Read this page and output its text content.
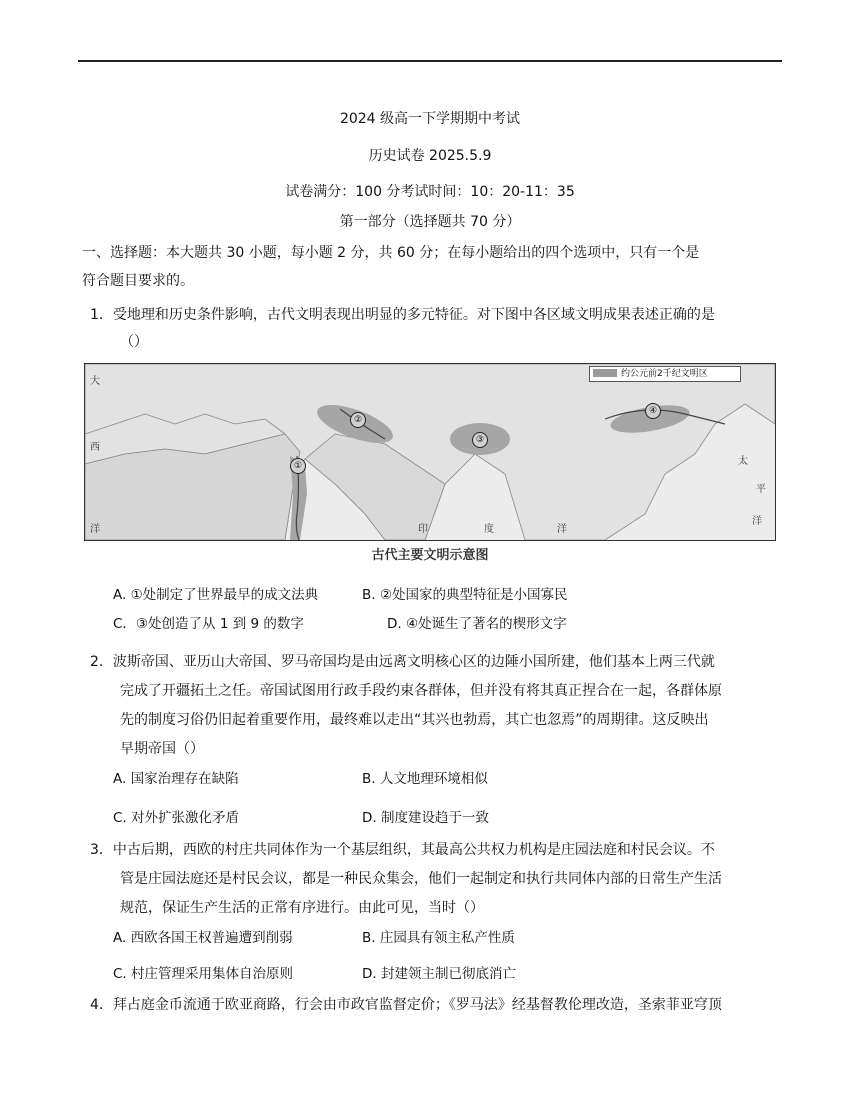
2024 级高一下学期期中考试
历史试卷 2025.5.9
试卷满分：100 分考试时间：10：20-11：35
第一部分（选择题共 70 分）
一、选择题：本大题共 30 小题，每小题 2 分，共 60 分；在每小题给出的四个选项中，只有一个是
符合题目要求的。
1．受地理和历史条件影响，古代文明表现出明显的多元特征。对下图中各区域文明成果表述正确的是
（）
约公元前2千纪文明区
大
西
洋	印	度	洋
太
平
洋
①
②
③
④
古代主要文明示意图
A. ①处制定了世界最早的成文法典	B. ②处国家的典型特征是小国寡民
C．③处创造了从 1 到 9 的数字	D. ④处诞生了著名的楔形文字
2．波斯帝国、亚历山大帝国、罗马帝国均是由远离文明核心区的边陲小国所建，他们基本上两三代就
完成了开疆拓土之任。帝国试图用行政手段约束各群体，但并没有将其真正捏合在一起，各群体原
先的制度习俗仍旧起着重要作用，最终难以走出“其兴也勃焉，其亡也忽焉”的周期律。这反映出
早期帝国（）
A. 国家治理存在缺陷	B. 人文地理环境相似
C. 对外扩张激化矛盾	D. 制度建设趋于一致
3．中古后期，西欧的村庄共同体作为一个基层组织，其最高公共权力机构是庄园法庭和村民会议。不
管是庄园法庭还是村民会议，都是一种民众集会，他们一起制定和执行共同体内部的日常生产生活
规范，保证生产生活的正常有序进行。由此可见，当时（）
A. 西欧各国王权普遍遭到削弱	B. 庄园具有领主私产性质
C. 村庄管理采用集体自治原则	D. 封建领主制已彻底消亡
4．拜占庭金币流通于欧亚商路，行会由市政官监督定价；《罗马法》经基督教伦理改造，圣索菲亚穹顶
